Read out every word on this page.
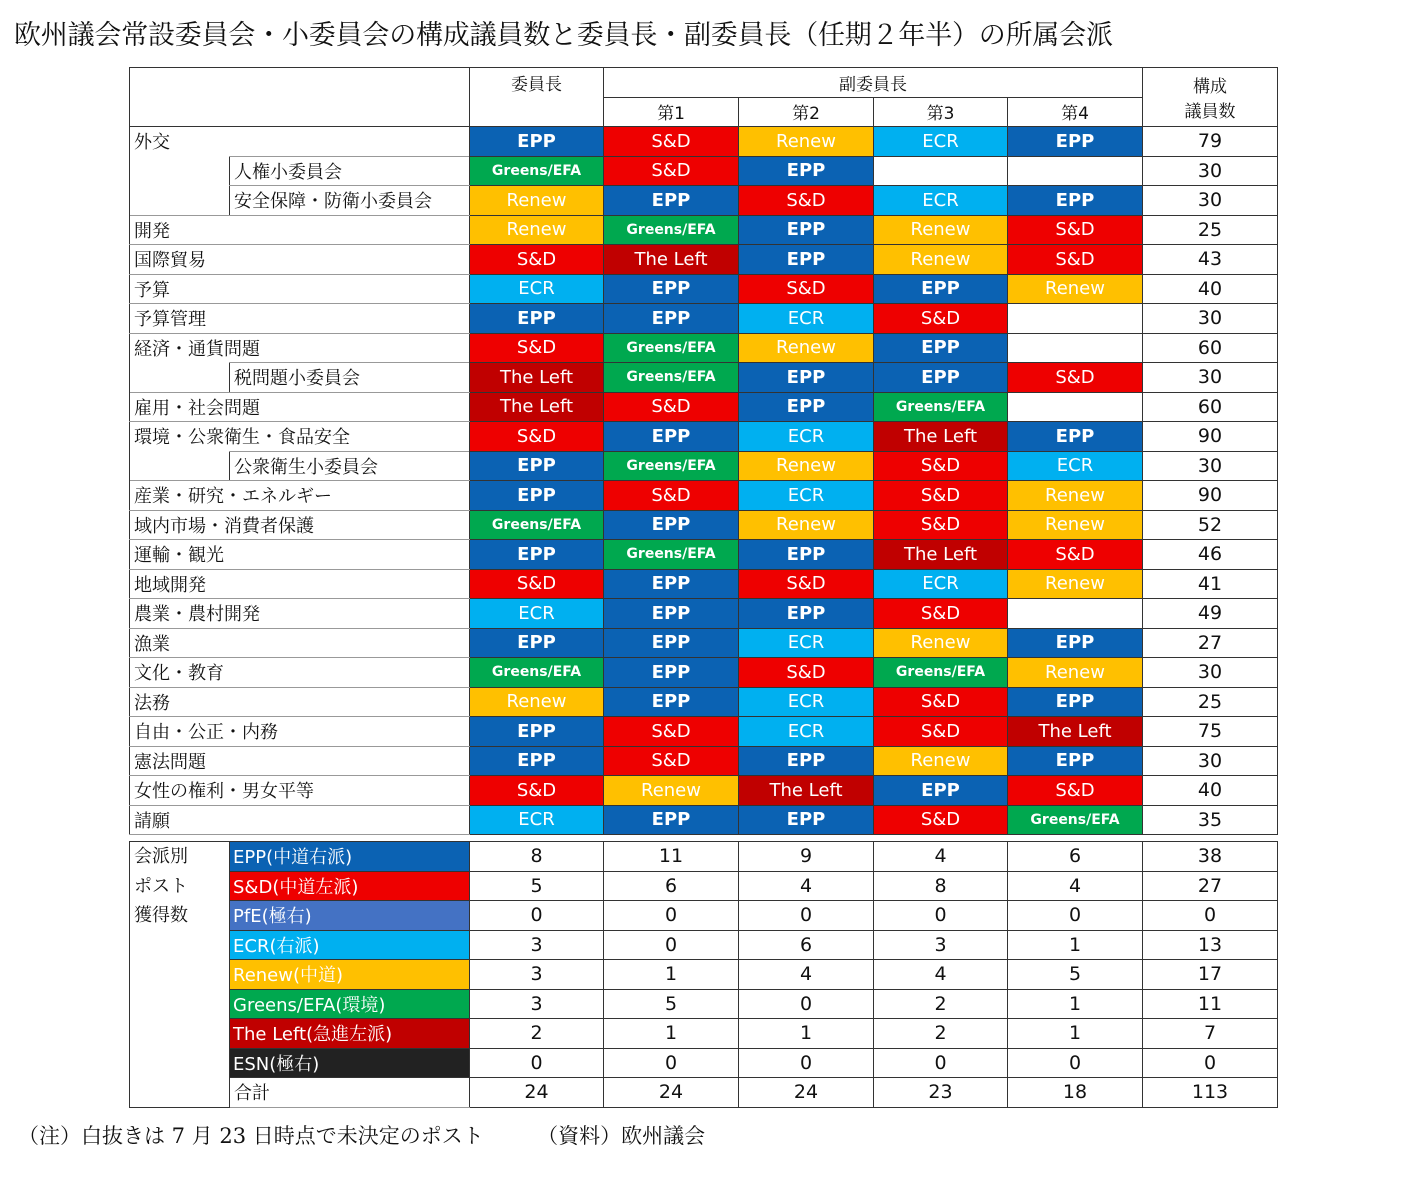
欧州議会常設委員会・小委員会の構成議員数と委員長・副委員長（任期２年半）の所属会派
		委員長	副委員長				構成
議員数

			第1	第2	第3	第4	
外交		EPP	S&D	Renew	ECR	EPP	79
	人権小委員会	Greens/EFA	S&D	EPP			30
	安全保障・防衛小委員会	Renew	EPP	S&D	ECR	EPP	30
開発		Renew	Greens/EFA	EPP	Renew	S&D	25
国際貿易		S&D	The Left	EPP	Renew	S&D	43
予算		ECR	EPP	S&D	EPP	Renew	40
予算管理		EPP	EPP	ECR	S&D		30
経済・通貨問題		S&D	Greens/EFA	Renew	EPP		60
	税問題小委員会	The Left	Greens/EFA	EPP	EPP	S&D	30
雇用・社会問題		The Left	S&D	EPP	Greens/EFA		60
環境・公衆衛生・食品安全		S&D	EPP	ECR	The Left	EPP	90
	公衆衛生小委員会	EPP	Greens/EFA	Renew	S&D	ECR	30
産業・研究・エネルギー		EPP	S&D	ECR	S&D	Renew	90
域内市場・消費者保護		Greens/EFA	EPP	Renew	S&D	Renew	52
運輸・観光		EPP	Greens/EFA	EPP	The Left	S&D	46
地域開発		S&D	EPP	S&D	ECR	Renew	41
農業・農村開発		ECR	EPP	EPP	S&D		49
漁業		EPP	EPP	ECR	Renew	EPP	27
文化・教育		Greens/EFA	EPP	S&D	Greens/EFA	Renew	30
法務		Renew	EPP	ECR	S&D	EPP	25
自由・公正・内務		EPP	S&D	ECR	S&D	The Left	75
憲法問題		EPP	S&D	EPP	Renew	EPP	30
女性の権利・男女平等		S&D	Renew	The Left	EPP	S&D	40
請願		ECR	EPP	EPP	S&D	Greens/EFA	35

会派別
ポスト
獲得数	EPP(中道右派)	8	11	9	4	6	38
	S&D(中道左派)	5	6	4	8	4	27
	PfE(極右)	0	0	0	0	0	0
	ECR(右派)	3	0	6	3	1	13
	Renew(中道)	3	1	4	4	5	17
	Greens/EFA(環境)	3	5	0	2	1	11
	The Left(急進左派)	2	1	1	2	1	7
	ESN(極右)	0	0	0	0	0	0
	合計	24	24	24	23	18	113
（注）白抜きは 7 月 23 日時点で未決定のポスト	（資料）欧州議会
